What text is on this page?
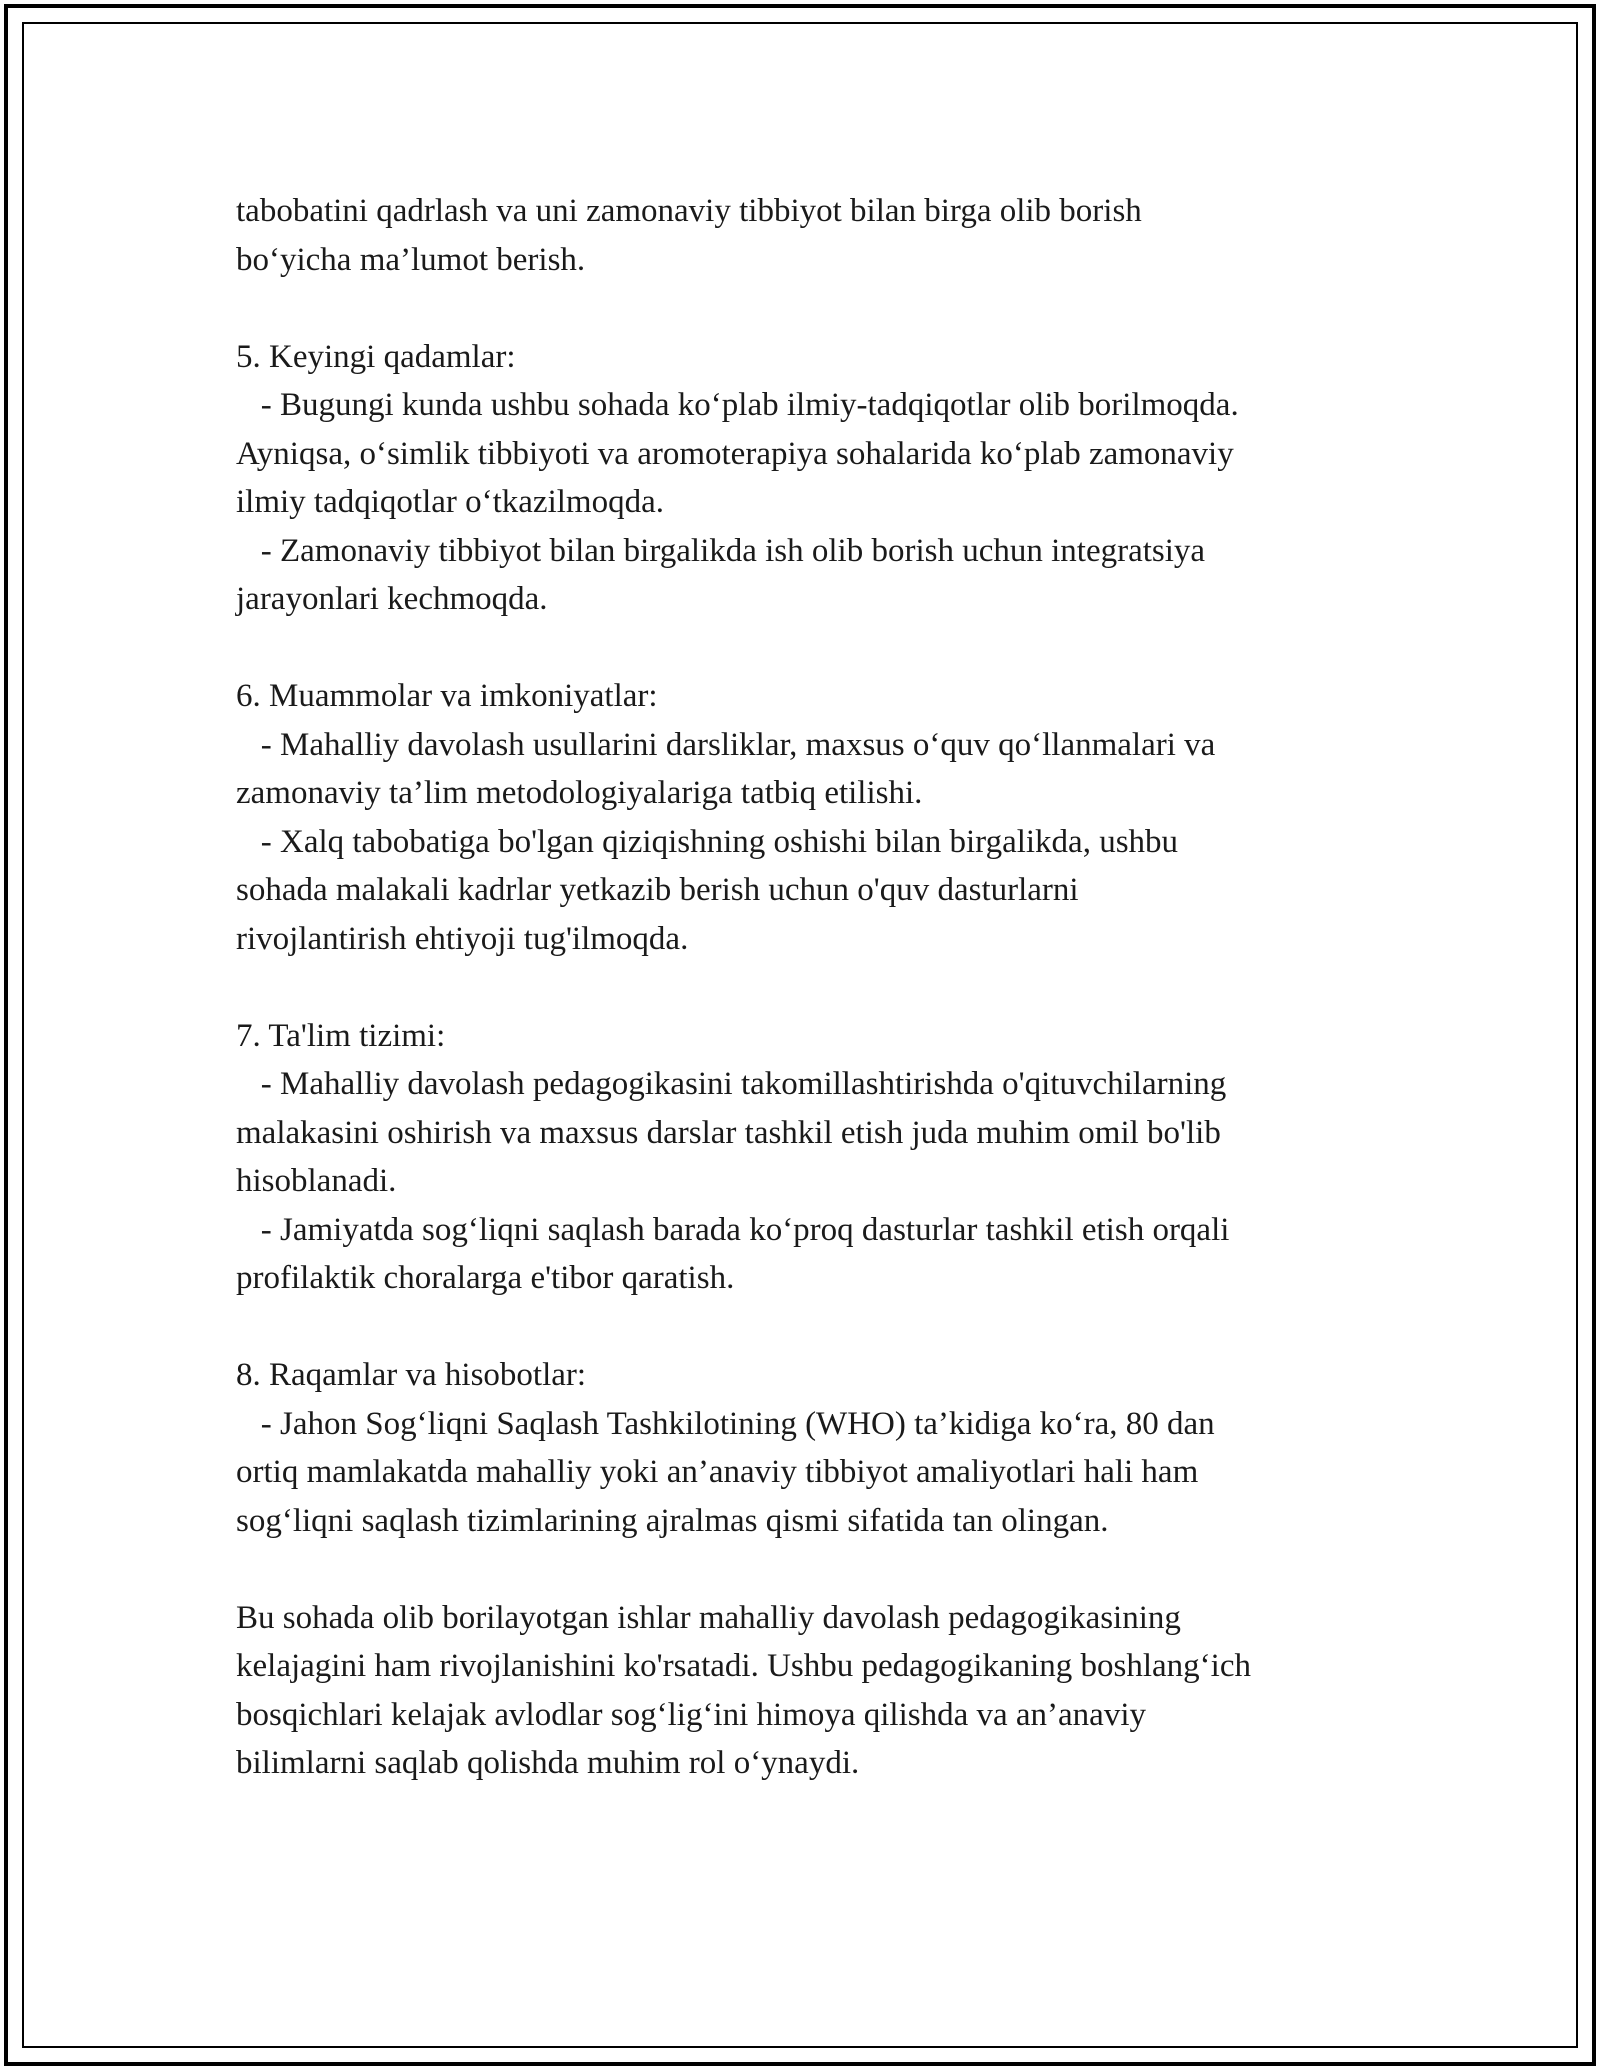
tabobatini qadrlash va uni zamonaviy tibbiyot bilan birga olib borish
bo‘yicha ma’lumot berish.
5. Keyingi qadamlar:
- Bugungi kunda ushbu sohada ko‘plab ilmiy-tadqiqotlar olib borilmoqda.
Ayniqsa, o‘simlik tibbiyoti va aromoterapiya sohalarida ko‘plab zamonaviy
ilmiy tadqiqotlar o‘tkazilmoqda.
- Zamonaviy tibbiyot bilan birgalikda ish olib borish uchun integratsiya
jarayonlari kechmoqda.
6. Muammolar va imkoniyatlar:
- Mahalliy davolash usullarini darsliklar, maxsus o‘quv qo‘llanmalari va
zamonaviy ta’lim metodologiyalariga tatbiq etilishi.
- Xalq tabobatiga bo'lgan qiziqishning oshishi bilan birgalikda, ushbu
sohada malakali kadrlar yetkazib berish uchun o'quv dasturlarni
rivojlantirish ehtiyoji tug'ilmoqda.
7. Ta'lim tizimi:
- Mahalliy davolash pedagogikasini takomillashtirishda o'qituvchilarning
malakasini oshirish va maxsus darslar tashkil etish juda muhim omil bo'lib
hisoblanadi.
- Jamiyatda sog‘liqni saqlash barada ko‘proq dasturlar tashkil etish orqali
profilaktik choralarga e'tibor qaratish.
8. Raqamlar va hisobotlar:
- Jahon Sog‘liqni Saqlash Tashkilotining (WHO) ta’kidiga ko‘ra, 80 dan
ortiq mamlakatda mahalliy yoki an’anaviy tibbiyot amaliyotlari hali ham
sog‘liqni saqlash tizimlarining ajralmas qismi sifatida tan olingan.
Bu sohada olib borilayotgan ishlar mahalliy davolash pedagogikasining
kelajagini ham rivojlanishini ko'rsatadi. Ushbu pedagogikaning boshlang‘ich
bosqichlari kelajak avlodlar sog‘lig‘ini himoya qilishda va an’anaviy
bilimlarni saqlab qolishda muhim rol o‘ynaydi.
